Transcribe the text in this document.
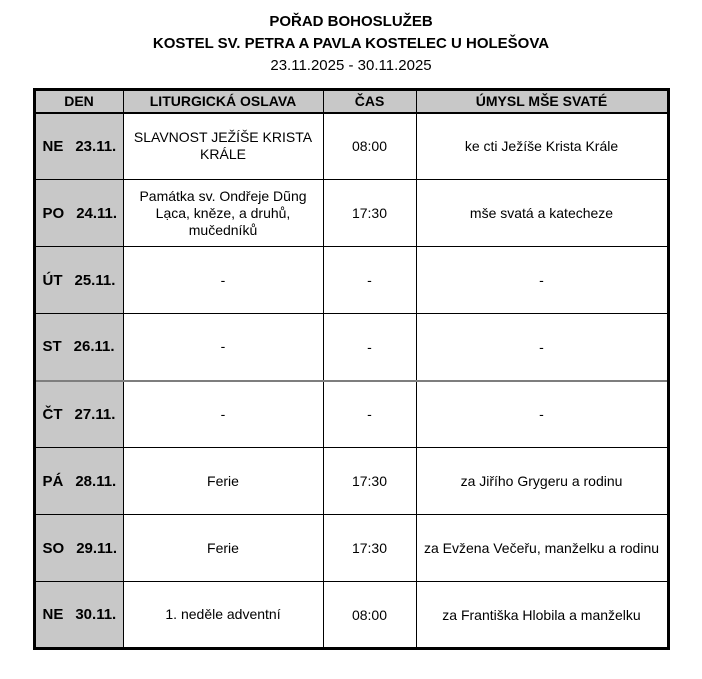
POŘAD BOHOSLUŽEB
KOSTEL SV. PETRA A PAVLA KOSTELEC U HOLEŠOVA
23.11.2025 - 30.11.2025
DEN	LITURGICKÁ OSLAVA	ČAS	ÚMYSL MŠE SVATÉ
NE 23.11.	SLAVNOST JEŽÍŠE KRISTA KRÁLE	08:00	ke cti Ježíše Krista Krále
PO 24.11.	Památka sv. Ondřeje Dũng Lạca, kněze, a druhů, mučedníků	17:30	mše svatá a katecheze
ÚT 25.11.	-	-	-
ST 26.11.	-	-	-
ČT 27.11.	-	-	-
PÁ 28.11.	Ferie	17:30	za Jiřího Grygeru a rodinu
SO 29.11.	Ferie	17:30	za Evžena Večeřu, manželku a rodinu
NE 30.11.	1. neděle adventní	08:00	za Františka Hlobila a manželku
